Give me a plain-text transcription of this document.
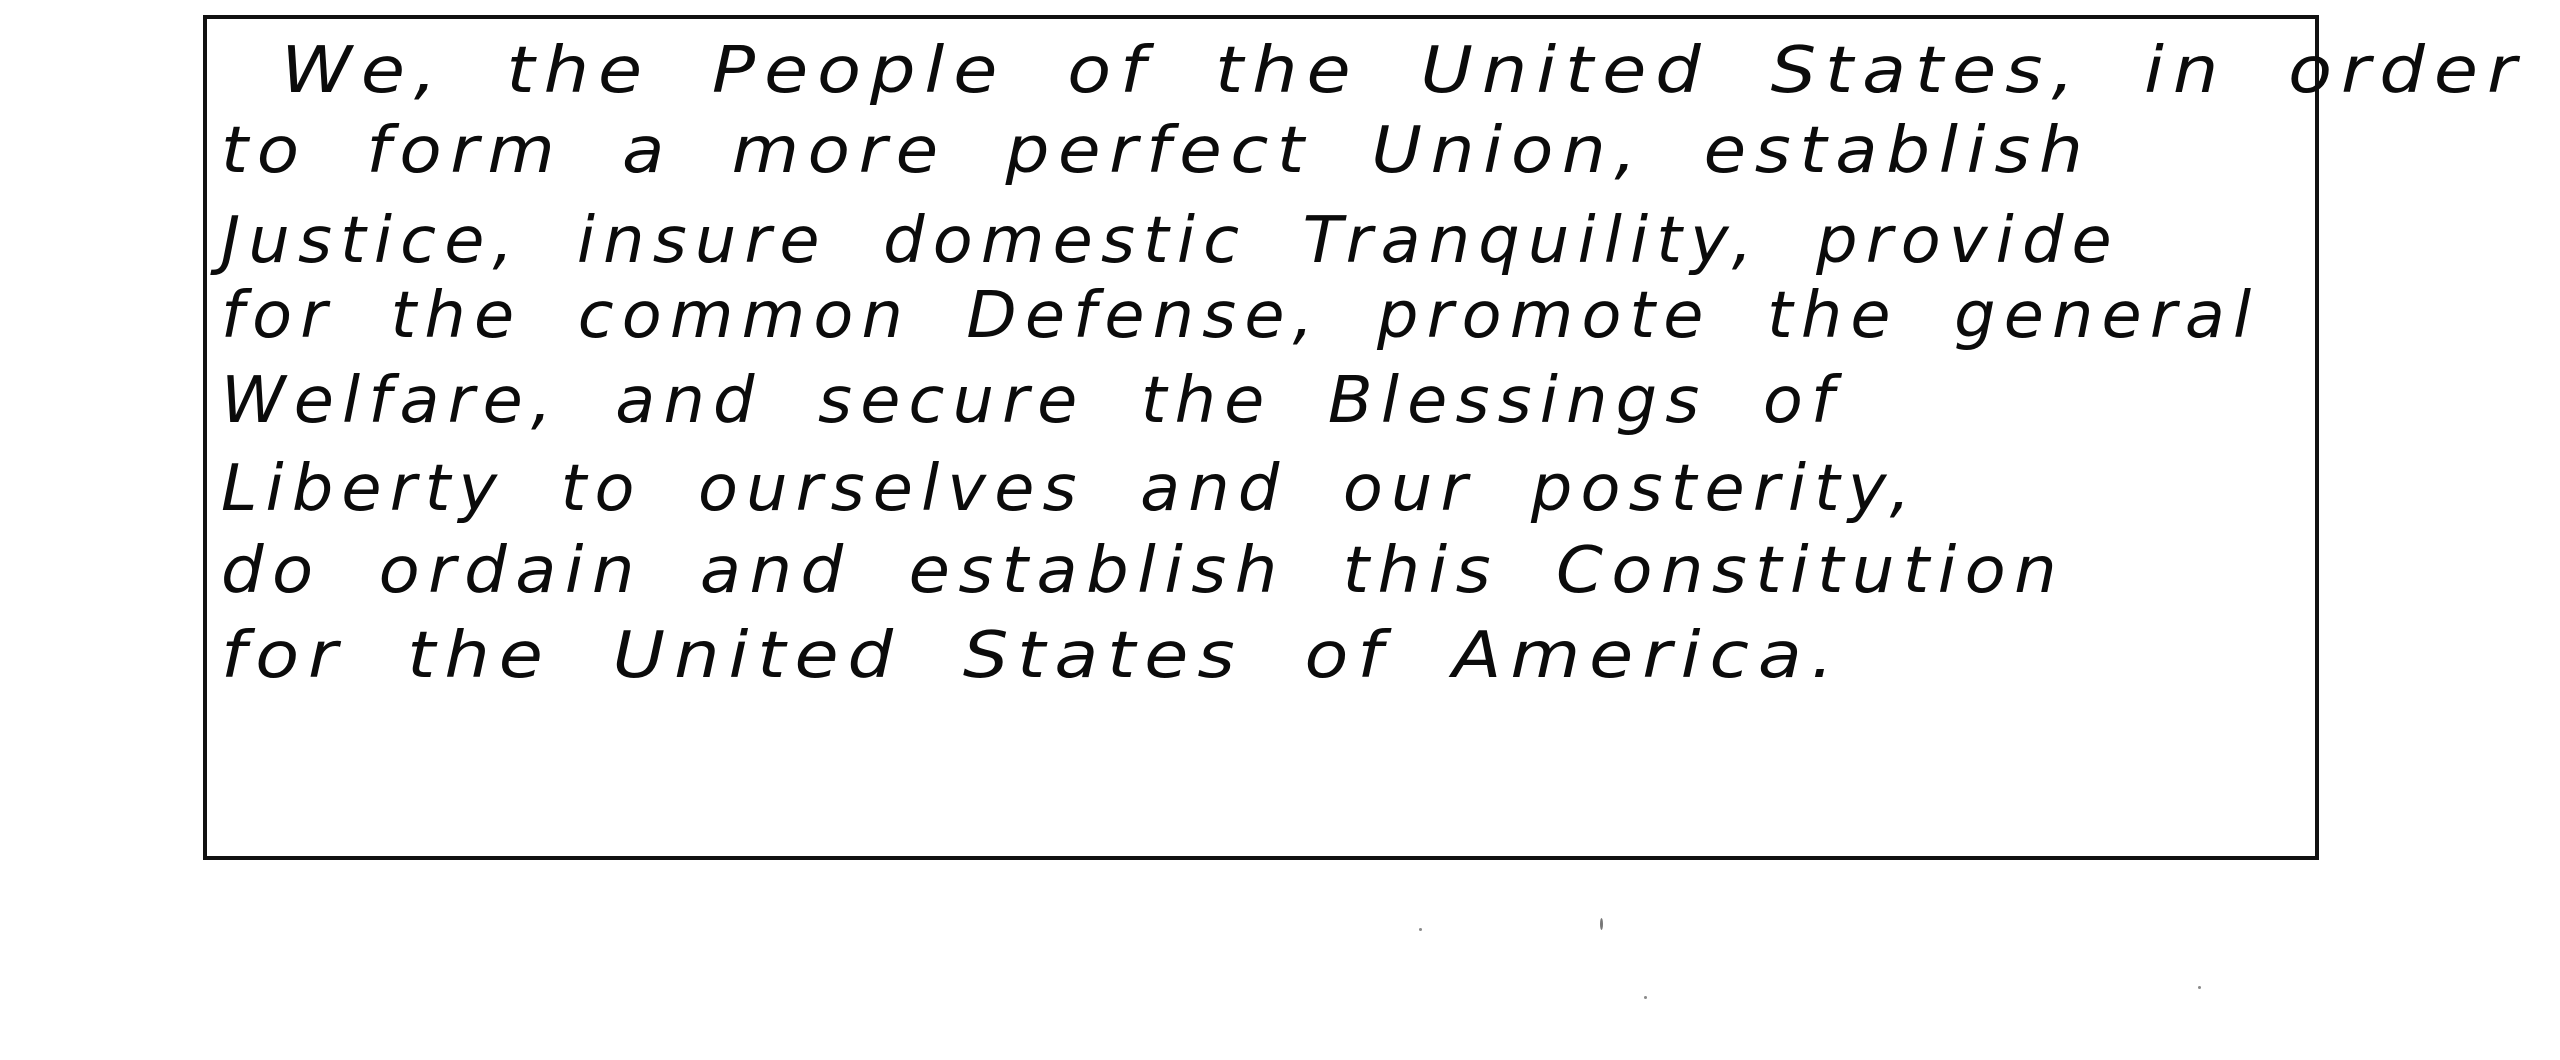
We, the People of the United States, in order
to form a more perfect Union, establish
Justice, insure domestic Tranquility, provide
for the common Defense, promote the general
Welfare, and secure the Blessings of
Liberty to ourselves and our posterity,
do ordain and establish this Constitution
for the United States of America.
